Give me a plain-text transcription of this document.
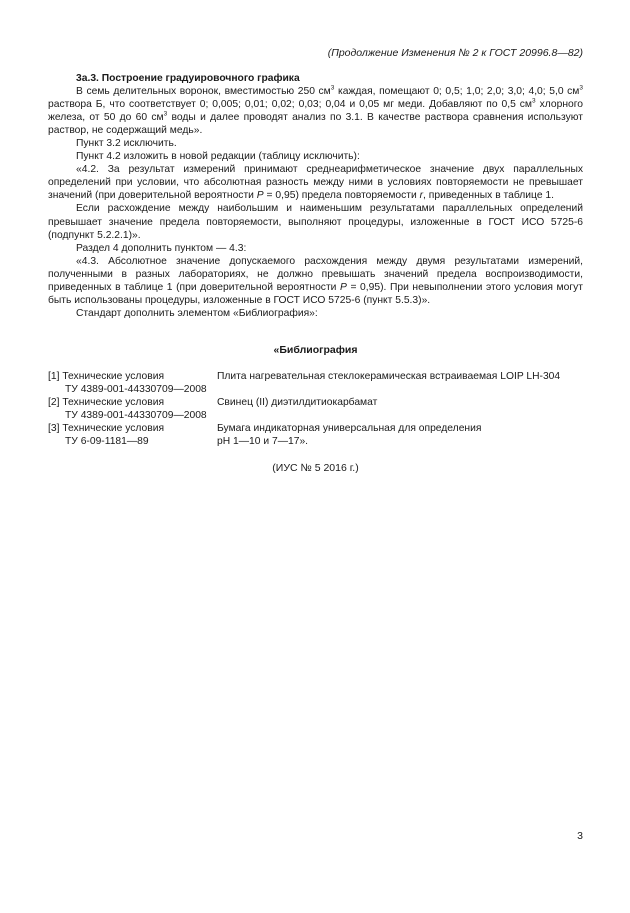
(Продолжение Изменения № 2 к ГОСТ 20996.8—82)

3а.3. Построение градуировочного графика

В семь делительных воронок, вместимостью 250 $см^3$ каждая, помещают 0; 0,5; 1,0; 2,0; 3,0; 4,0; 5,0 $см^3$ раствора Б, что соответствует 0; 0,005; 0,01; 0,02; 0,03; 0,04 и 0,05 мг меди. Добавляют по 0,5 $см^3$ хлорного железа, от 50 до 60 $см^3$ воды и далее проводят анализ по 3.1. В качестве раствора сравнения используют раствор, не содержащий медь».

Пункт 3.2 исключить.

Пункт 4.2 изложить в новой редакции (таблицу исключить):

«4.2. За результат измерений принимают среднеарифметическое значение двух параллельных определений при условии, что абсолютная разность между ними в условиях повторяемости не превышает значений (при доверительной вероятности P = 0,95) предела повторяемости r, приведенных в таблице 1.

Если расхождение между наибольшим и наименьшим результатами параллельных определений превышает значение предела повторяемости, выполняют процедуры, изложенные в ГОСТ ИСО 5725-6 (подпункт 5.2.2.1)».

Раздел 4 дополнить пунктом — 4.3:

«4.3. Абсолютное значение допускаемого расхождения между двумя результатами измерений, полученными в разных лабораториях, не должно превышать значений предела воспроизводимости, приведенных в таблице 1 (при доверительной вероятности P = 0,95). При невыполнении этого условия могут быть использованы процедуры, изложенные в ГОСТ ИСО 5725-6 (пункт 5.5.3)».

Стандарт дополнить элементом «Библиография»:

«Библиография
[1] Технические условия
ТУ 4389-001-44330709—2008
Плита нагревательная стеклокерамическая встраиваемая LOIP LH-304
[2] Технические условия
ТУ 4389-001-44330709—2008
Свинец (II) диэтилдитиокарбамат
[3] Технические условия
ТУ 6-09-1181—89
Бумага индикаторная универсальная для определения
рН 1—10 и 7—17».
(ИУС № 5 2016 г.)
3
